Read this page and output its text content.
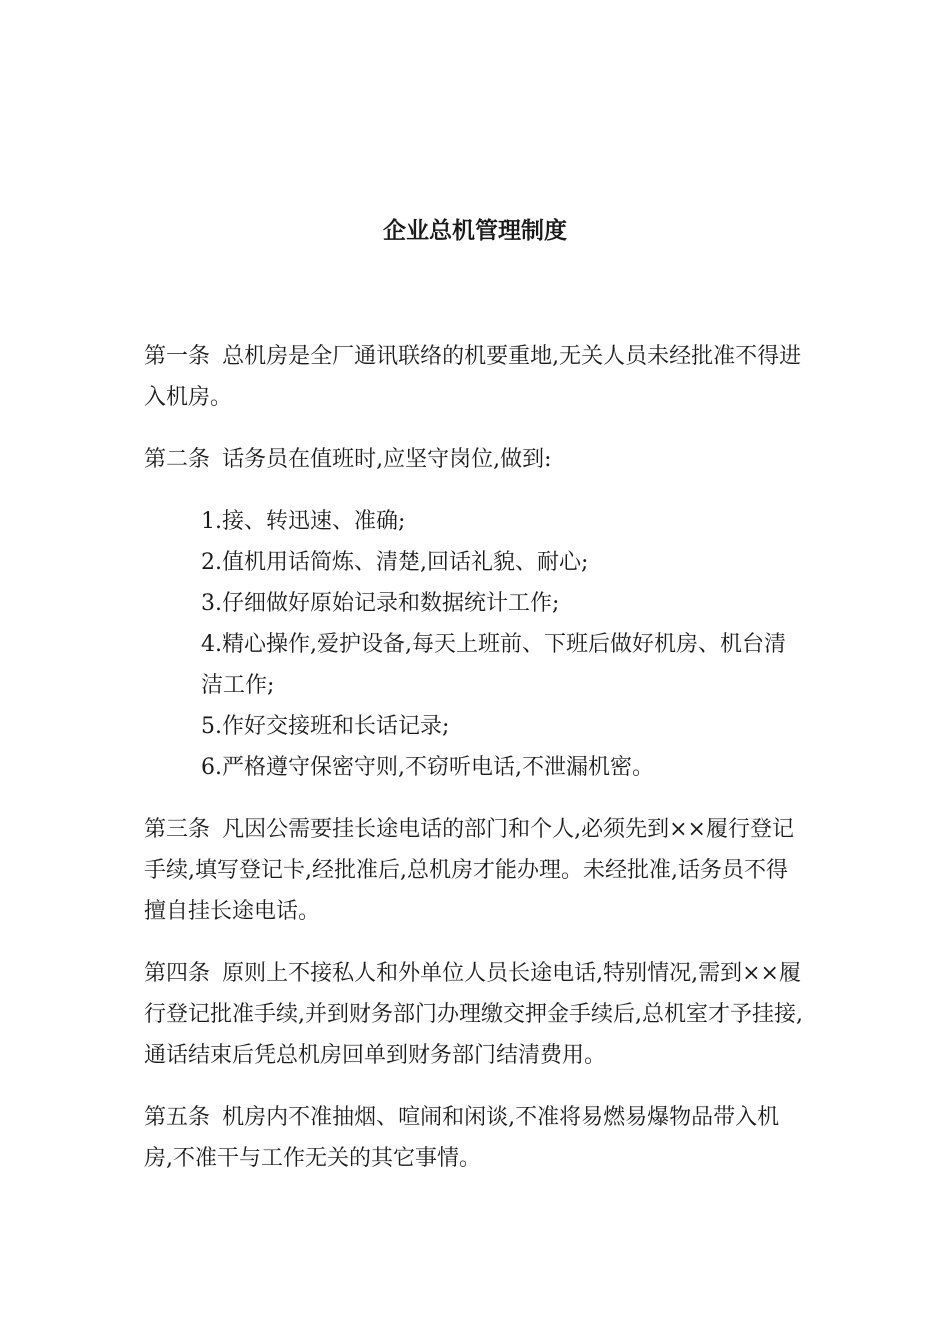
企业总机管理制度

第一条 总机房是全厂通讯联络的机要重地,无关人员未经批准不得进入机房。

第二条 话务员在值班时,应坚守岗位,做到:

1.接、转迅速、准确;
2.值机用话简炼、清楚,回话礼貌、耐心;
3.仔细做好原始记录和数据统计工作;
4.精心操作,爱护设备,每天上班前、下班后做好机房、机台清洁工作;
5.作好交接班和长话记录;
6.严格遵守保密守则,不窃听电话,不泄漏机密。

第三条 凡因公需要挂长途电话的部门和个人,必须先到××履行登记手续,填写登记卡,经批准后,总机房才能办理。未经批准,话务员不得擅自挂长途电话。

第四条 原则上不接私人和外单位人员长途电话,特别情况,需到××履行登记批准手续,并到财务部门办理缴交押金手续后,总机室才予挂接,通话结束后凭总机房回单到财务部门结清费用。

第五条 机房内不准抽烟、喧闹和闲谈,不准将易燃易爆物品带入机房,不准干与工作无关的其它事情。
